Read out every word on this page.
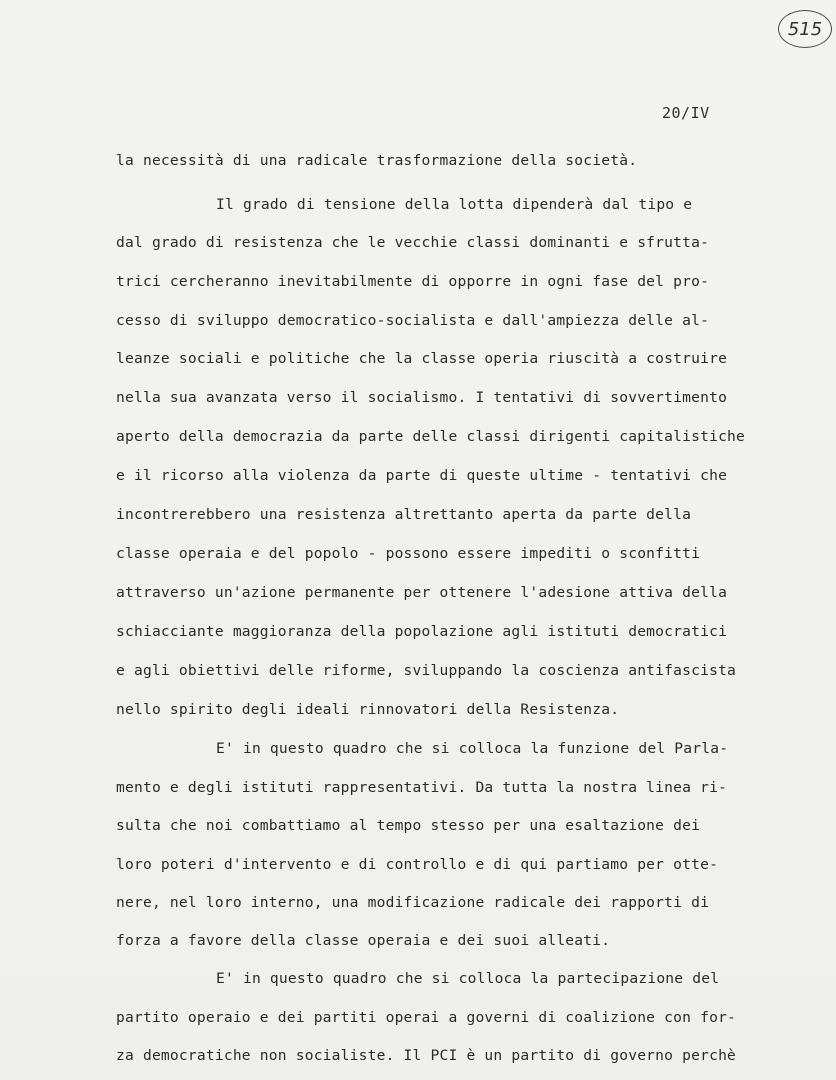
515
20/IV
la necessità di una radicale trasformazione della società.
Il grado di tensione della lotta dipenderà dal tipo e
dal grado di resistenza che le vecchie classi dominanti e sfrutta-
trici cercheranno inevitabilmente di opporre in ogni fase del pro-
cesso di sviluppo democratico-socialista e dall'ampiezza delle al-
leanze sociali e politiche che la classe operia riuscità a costruire
nella sua avanzata verso il socialismo. I tentativi di sovvertimento
aperto della democrazia da parte delle classi dirigenti capitalistiche
e il ricorso alla violenza da parte di queste ultime - tentativi che
incontrerebbero una resistenza altrettanto aperta da parte della
classe operaia e del popolo - possono essere impediti o sconfitti
attraverso un'azione permanente per ottenere l'adesione attiva della
schiacciante maggioranza della popolazione agli istituti democratici
e agli obiettivi delle riforme, sviluppando la coscienza antifascista
nello spirito degli ideali rinnovatori della Resistenza.
E' in questo quadro che si colloca la funzione del Parla-
mento e degli istituti rappresentativi. Da tutta la nostra linea ri-
sulta che noi combattiamo al tempo stesso per una esaltazione dei
loro poteri d'intervento e di controllo e di qui partiamo per otte-
nere, nel loro interno, una modificazione radicale dei rapporti di
forza a favore della classe operaia e dei suoi alleati.
E' in questo quadro che si colloca la partecipazione del
partito operaio e dei partiti operai a governi di coalizione con for-
za democratiche non socialiste. Il PCI è un partito di governo perchè
